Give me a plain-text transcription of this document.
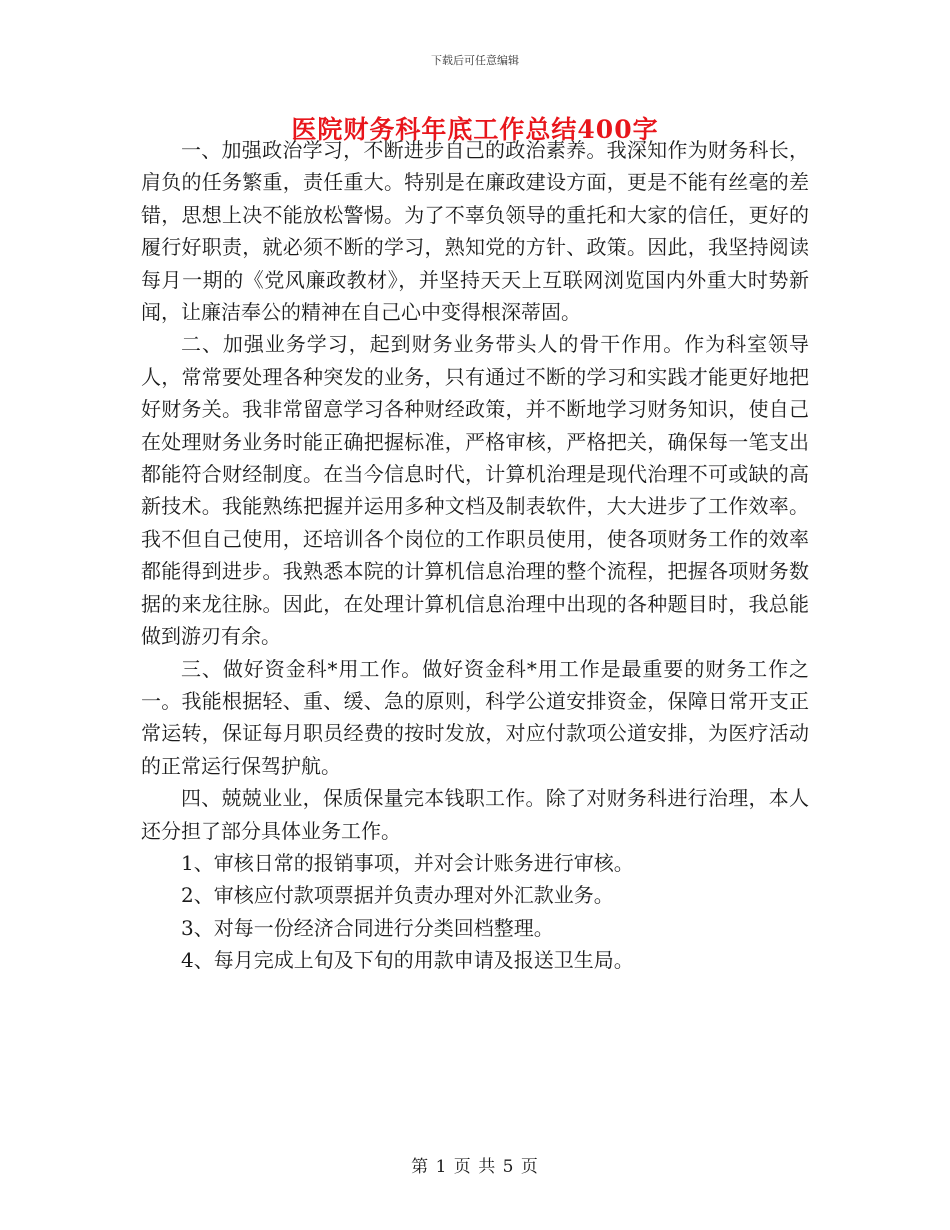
下载后可任意编辑
医院财务科年底工作总结400字

一、加强政治学习，不断进步自己的政治素养。我深知作为财务科长，肩负的任务繁重，责任重大。特别是在廉政建设方面，更是不能有丝毫的差错，思想上决不能放松警惕。为了不辜负领导的重托和大家的信任，更好的履行好职责，就必须不断的学习，熟知党的方针、政策。因此，我坚持阅读每月一期的《党风廉政教材》，并坚持天天上互联网浏览国内外重大时势新闻，让廉洁奉公的精神在自己心中变得根深蒂固。

二、加强业务学习，起到财务业务带头人的骨干作用。作为科室领导人，常常要处理各种突发的业务，只有通过不断的学习和实践才能更好地把好财务关。我非常留意学习各种财经政策，并不断地学习财务知识，使自己在处理财务业务时能正确把握标准，严格审核，严格把关，确保每一笔支出都能符合财经制度。在当今信息时代，计算机治理是现代治理不可或缺的高新技术。我能熟练把握并运用多种文档及制表软件，大大进步了工作效率。我不但自己使用，还培训各个岗位的工作职员使用，使各项财务工作的效率都能得到进步。我熟悉本院的计算机信息治理的整个流程，把握各项财务数据的来龙往脉。因此，在处理计算机信息治理中出现的各种题目时，我总能做到游刃有余。

三、做好资金科*用工作。做好资金科*用工作是最重要的财务工作之一。我能根据轻、重、缓、急的原则，科学公道安排资金，保障日常开支正常运转，保证每月职员经费的按时发放，对应付款项公道安排，为医疗活动的正常运行保驾护航。

四、兢兢业业，保质保量完本钱职工作。除了对财务科进行治理，本人还分担了部分具体业务工作。

1、审核日常的报销事项，并对会计账务进行审核。
2、审核应付款项票据并负责办理对外汇款业务。
3、对每一份经济合同进行分类回档整理。
4、每月完成上旬及下旬的用款申请及报送卫生局。
第 1 页 共 5 页
